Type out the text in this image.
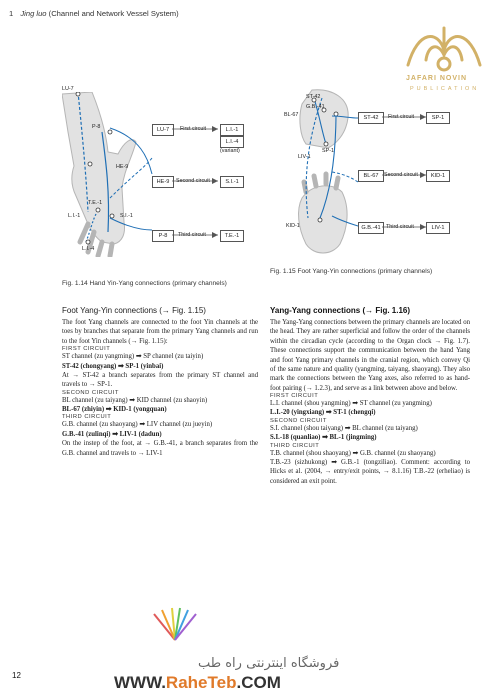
1 Jing luo (Channel and Network Vessel System)
JAFARI NOVIN
PUBLICATION
LU-7
P-8
HE-9
T.E.-1
L.I.-1	S.I.-1
L.I.-4
LU-7	First circuit	L.I.-1
L.I.-4
(variant)
HE-9	Second circuit	S.I.-1
P-8	Third circuit	T.E.-1
Fig. 1.14 Hand Yin-Yang connections (primary channels)
ST-42
G.B.-41
BL-67
SP-1
LIV-1
KID-1
ST-42	First circuit	SP-1
BL-67	Second circuit	KID-1
G.B.-41 Third circuit	LIV-1
Fig. 1.15 Foot Yang-Yin connections (primary channels)
Foot Yang-Yin connections (→ Fig. 1.15)
The foot Yang channels are connected to the foot Yin channels at the toes by branches that separate from the primary Yang channels and run to the foot Yin channels (→ Fig. 1.15):
FIRST CIRCUIT
ST channel (zu yangming) ➡ SP channel (zu taiyin)
ST-42 (chongyang) ➡ SP-1 (yinbai)
At → ST-42 a branch separates from the primary ST channel and travels to → SP-1.
SECOND CIRCUIT
BL channel (zu taiyang) ➡ KID channel (zu shaoyin)
BL-67 (zhiyin) ➡ KID-1 (yongquan)
THIRD CIRCUIT
G.B. channel (zu shaoyang) ➡ LIV channel (zu jueyin)
G.B.-41 (zulinqi) ➡ LIV-1 (dadun)
On the instep of the foot, at → G.B.-41, a branch separates from the G.B. channel and travels to → LIV-1
Yang-Yang connections (→ Fig. 1.16)
The Yang-Yang connections between the primary channels are located on the head. They are rather superficial and follow the order of the channels within the circadian cycle (according to the Organ clock → Fig. 1.7). These connections support the communication between the hand Yang and foot Yang primary channels in the cranial region, which convey Qi of the same nature and quality (yangming, taiyang, shaoyang). They also mark the connections between the Yang axes, also referred to as hand-foot pairing (→ 1.2.3), and serve as a link between above and below.
FIRST CIRCUIT
L.I. channel (shou yangming) ➡ ST channel (zu yangming)
L.I.-20 (yingxiang) ➡ ST-1 (chengqi)
SECOND CIRCUIT
S.I. channel (shou taiyang) ➡ BL channel (zu taiyang)
S.I.-18 (quanliao) ➡ BL-1 (jingming)
THIRD CIRCUIT
T.B. channel (shou shaoyang) ➡ G.B. channel (zu shaoyang)
T.B.-23 (sizhukong) ➡ G.B.-1 (tongziliao). Comment: according to Hicks et al. (2004, → entry/exit points, → 8.1.16) T.B.-22 (erheliao) is considered an exit point.
فروشگاه اینترنتی راه طب
WWW.RaheTeb.COM
12
